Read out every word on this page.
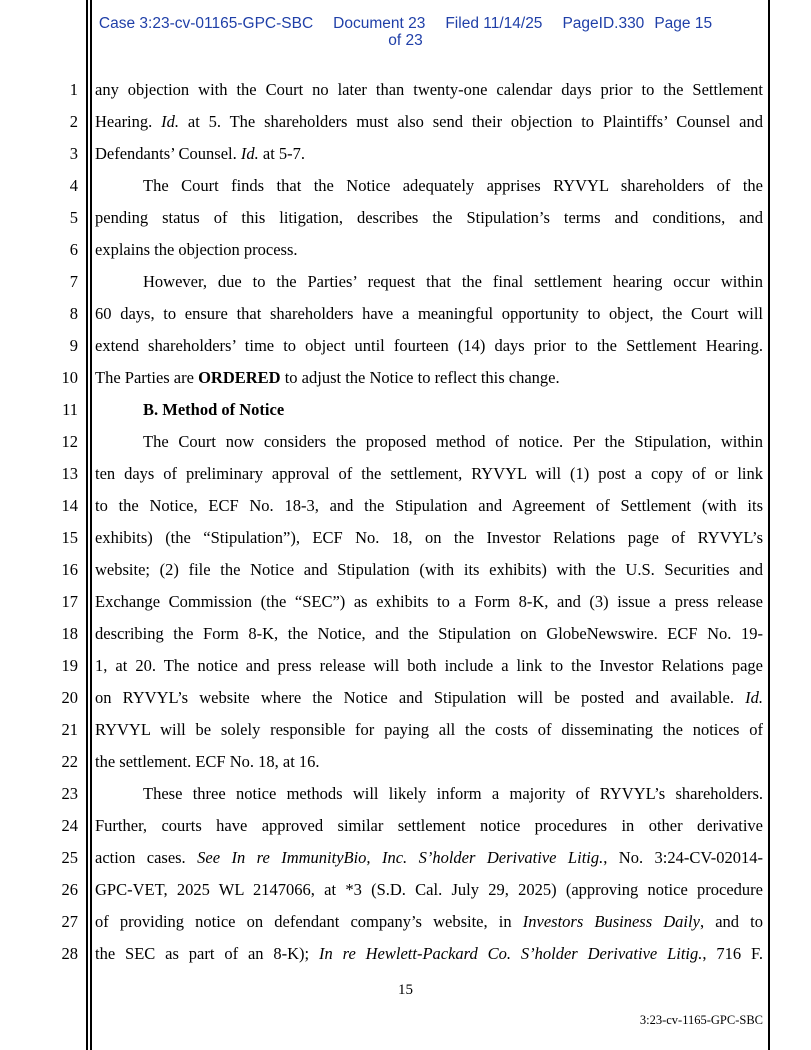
Case 3:23-cv-01165-GPC-SBC Document 23 Filed 11/14/25 PageID.330 Page 15
of 23
1
2
3
4
5
6
7
8
9
10
11
12
13
14
15
16
17
18
19
20
21
22
23
24
25
26
27
28
any objection with the Court no later than twenty-one calendar days prior to the Settlement
Hearing. Id. at 5. The shareholders must also send their objection to Plaintiffs’ Counsel and
Defendants’ Counsel. Id. at 5-7.
The Court finds that the Notice adequately apprises RYVYL shareholders of the
pending status of this litigation, describes the Stipulation’s terms and conditions, and
explains the objection process.
However, due to the Parties’ request that the final settlement hearing occur within
60 days, to ensure that shareholders have a meaningful opportunity to object, the Court will
extend shareholders’ time to object until fourteen (14) days prior to the Settlement Hearing.
The Parties are ORDERED to adjust the Notice to reflect this change.
B. Method of Notice
The Court now considers the proposed method of notice. Per the Stipulation, within
ten days of preliminary approval of the settlement, RYVYL will (1) post a copy of or link
to the Notice, ECF No. 18-3, and the Stipulation and Agreement of Settlement (with its
exhibits) (the “Stipulation”), ECF No. 18, on the Investor Relations page of RYVYL’s
website; (2) file the Notice and Stipulation (with its exhibits) with the U.S. Securities and
Exchange Commission (the “SEC”) as exhibits to a Form 8-K, and (3) issue a press release
describing the Form 8-K, the Notice, and the Stipulation on GlobeNewswire. ECF No. 19-
1, at 20. The notice and press release will both include a link to the Investor Relations page
on RYVYL’s website where the Notice and Stipulation will be posted and available. Id.
RYVYL will be solely responsible for paying all the costs of disseminating the notices of
the settlement. ECF No. 18, at 16.
These three notice methods will likely inform a majority of RYVYL’s shareholders.
Further, courts have approved similar settlement notice procedures in other derivative
action cases. See In re ImmunityBio, Inc. S’holder Derivative Litig., No. 3:24-CV-02014-
GPC-VET, 2025 WL 2147066, at *3 (S.D. Cal. July 29, 2025) (approving notice procedure
of providing notice on defendant company’s website, in Investors Business Daily, and to
the SEC as part of an 8-K); In re Hewlett-Packard Co. S’holder Derivative Litig., 716 F.
15
3:23-cv-1165-GPC-SBC
